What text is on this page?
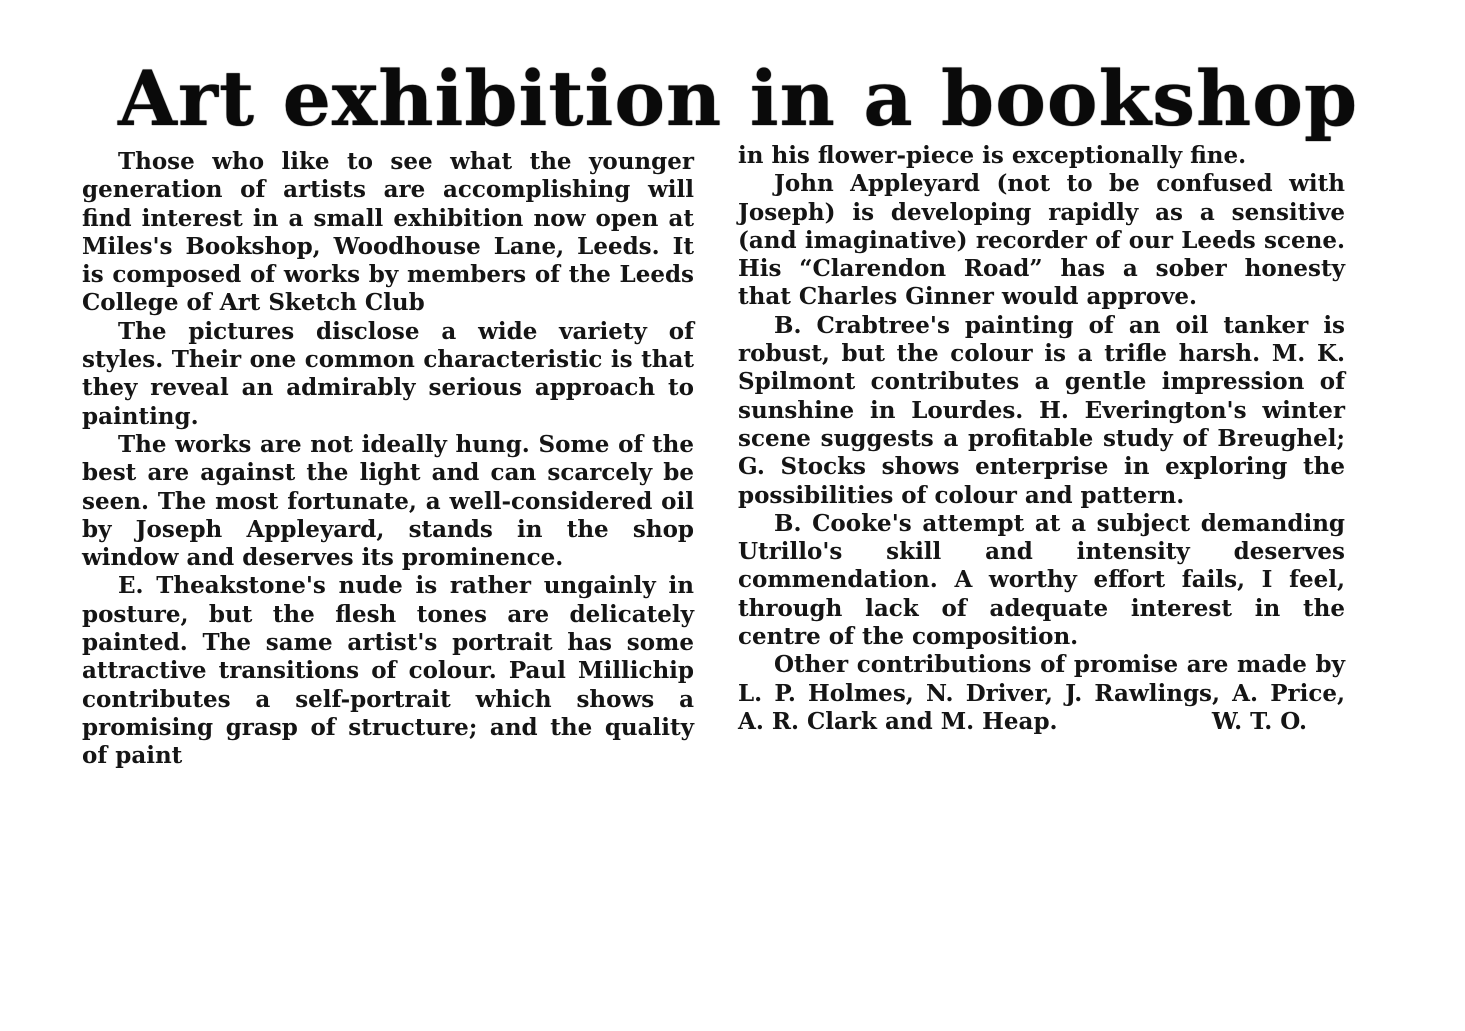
Art exhibition in a bookshop

Those who like to see what the younger generation of artists are accomplishing will find interest in a small exhibition now open at Miles's Bookshop, Woodhouse Lane, Leeds. It is composed of works by members of the Leeds College of Art Sketch Club

The pictures disclose a wide variety of styles. Their one common characteristic is that they reveal an admirably serious approach to painting.

The works are not ideally hung. Some of the best are against the light and can scarcely be seen. The most fortunate, a well-considered oil by Joseph Appleyard, stands in the shop window and deserves its prominence.

E. Theakstone's nude is rather ungainly in posture, but the flesh tones are delicately painted. The same artist's portrait has some attractive transitions of colour. Paul Millichip contributes a self-portrait which shows a promising grasp of structure; and the quality of paint

in his flower-piece is exceptionally fine.

John Appleyard (not to be confused with Joseph) is developing rapidly as a sensitive (and imaginative) recorder of our Leeds scene. His “Clarendon Road” has a sober honesty that Charles Ginner would approve.

B. Crabtree's painting of an oil tanker is robust, but the colour is a trifle harsh. M. K. Spilmont contributes a gentle impression of sunshine in Lourdes. H. Everington's winter scene suggests a profitable study of Breughel; G. Stocks shows enterprise in exploring the possibilities of colour and pattern.

B. Cooke's attempt at a subject demanding Utrillo's skill and intensity deserves commendation. A worthy effort fails, I feel, through lack of adequate interest in the centre of the composition.

Other contributions of promise are made by L. P. Holmes, N. Driver, J. Rawlings, A. Price, A. R. Clark and M. Heap.	W. T. O.
